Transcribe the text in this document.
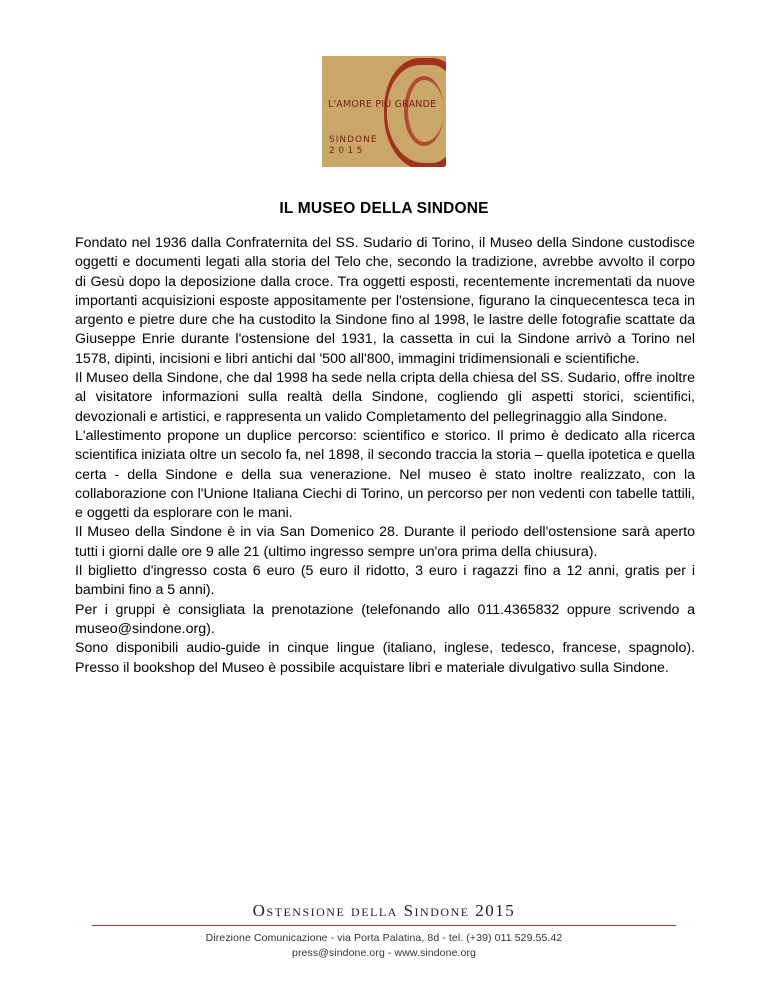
L'AMORE PIÙ GRANDE
SINDONE
2015
IL MUSEO DELLA SINDONE

Fondato nel 1936 dalla Confraternita del SS. Sudario di Torino, il Museo della Sindone custodisce oggetti e documenti legati alla storia del Telo che, secondo la tradizione, avrebbe avvolto il corpo di Gesù dopo la deposizione dalla croce. Tra oggetti esposti, recentemente incrementati da nuove importanti acquisizioni esposte appositamente per l'ostensione, figurano la cinquecentesca teca in argento e pietre dure che ha custodito la Sindone fino al 1998, le lastre delle fotografie scattate da Giuseppe Enrie durante l'ostensione del 1931, la cassetta in cui la Sindone arrivò a Torino nel 1578, dipinti, incisioni e libri antichi dal '500 all'800, immagini tridimensionali e scientifiche.

Il Museo della Sindone, che dal 1998 ha sede nella cripta della chiesa del SS. Sudario, offre inoltre al visitatore informazioni sulla realtà della Sindone, cogliendo gli aspetti storici, scientifici, devozionali e artistici, e rappresenta un valido Completamento del pellegrinaggio alla Sindone.

L'allestimento propone un duplice percorso: scientifico e storico. Il primo è dedicato alla ricerca scientifica iniziata oltre un secolo fa, nel 1898, il secondo traccia la storia – quella ipotetica e quella certa - della Sindone e della sua venerazione. Nel museo è stato inoltre realizzato, con la collaborazione con l'Unione Italiana Ciechi di Torino, un percorso per non vedenti con tabelle tattili, e oggetti da esplorare con le mani.

Il Museo della Sindone è in via San Domenico 28. Durante il periodo dell'ostensione sarà aperto tutti i giorni dalle ore 9 alle 21 (ultimo ingresso sempre un'ora prima della chiusura).

Il biglietto d'ingresso costa 6 euro (5 euro il ridotto, 3 euro i ragazzi fino a 12 anni, gratis per i bambini fino a 5 anni).

Per i gruppi è consigliata la prenotazione (telefonando allo 011.4365832 oppure scrivendo a museo@sindone.org).

Sono disponibili audio-guide in cinque lingue (italiano, inglese, tedesco, francese, spagnolo). Presso il bookshop del Museo è possibile acquistare libri e materiale divulgativo sulla Sindone.

Ostensione della Sindone 2015
Direzione Comunicazione - via Porta Palatina, 8d - tel. (+39) 011 529.55.42
press@sindone.org - www.sindone.org
